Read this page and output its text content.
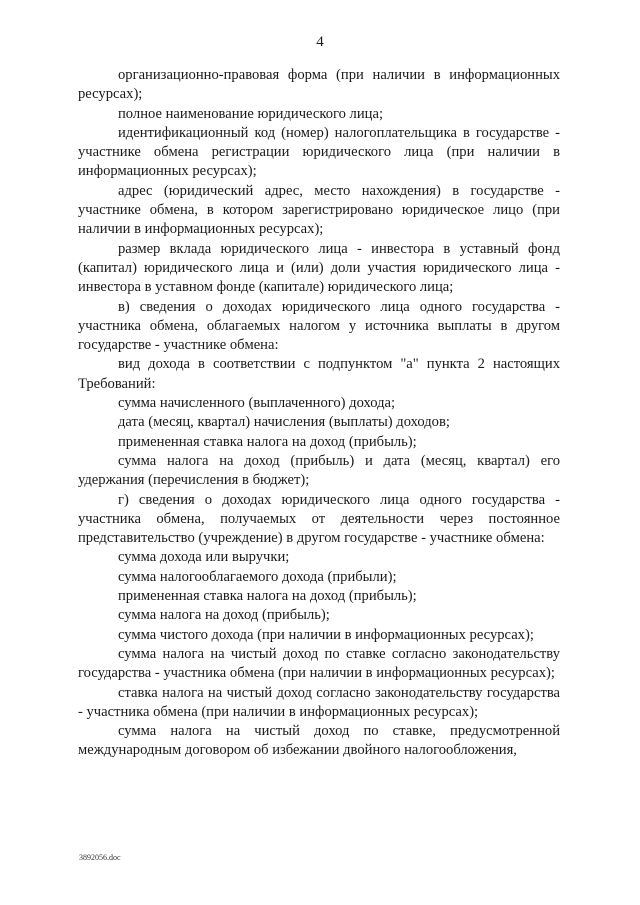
4

организационно-правовая форма (при наличии в информационных ресурсах);

полное наименование юридического лица;

идентификационный код (номер) налогоплательщика в государстве - участнике обмена регистрации юридического лица (при наличии в информационных ресурсах);

адрес (юридический адрес, место нахождения) в государстве - участнике обмена, в котором зарегистрировано юридическое лицо (при наличии в информационных ресурсах);

размер вклада юридического лица - инвестора в уставный фонд (капитал) юридического лица и (или) доли участия юридического лица - инвестора в уставном фонде (капитале) юридического лица;

в) сведения о доходах юридического лица одного государства - участника обмена, облагаемых налогом у источника выплаты в другом государстве - участнике обмена:

вид дохода в соответствии с подпунктом "а" пункта 2 настоящих Требований:

сумма начисленного (выплаченного) дохода;

дата (месяц, квартал) начисления (выплаты) доходов;

примененная ставка налога на доход (прибыль);

сумма налога на доход (прибыль) и дата (месяц, квартал) его удержания (перечисления в бюджет);

г) сведения о доходах юридического лица одного государства - участника обмена, получаемых от деятельности через постоянное представительство (учреждение) в другом государстве - участнике обмена:

сумма дохода или выручки;

сумма налогооблагаемого дохода (прибыли);

примененная ставка налога на доход (прибыль);

сумма налога на доход (прибыль);

сумма чистого дохода (при наличии в информационных ресурсах);

сумма налога на чистый доход по ставке согласно законодательству государства - участника обмена (при наличии в информационных ресурсах);

ставка налога на чистый доход согласно законодательству государства - участника обмена (при наличии в информационных ресурсах);

сумма налога на чистый доход по ставке, предусмотренной международным договором об избежании двойного налогообложения,

3892056.doc
